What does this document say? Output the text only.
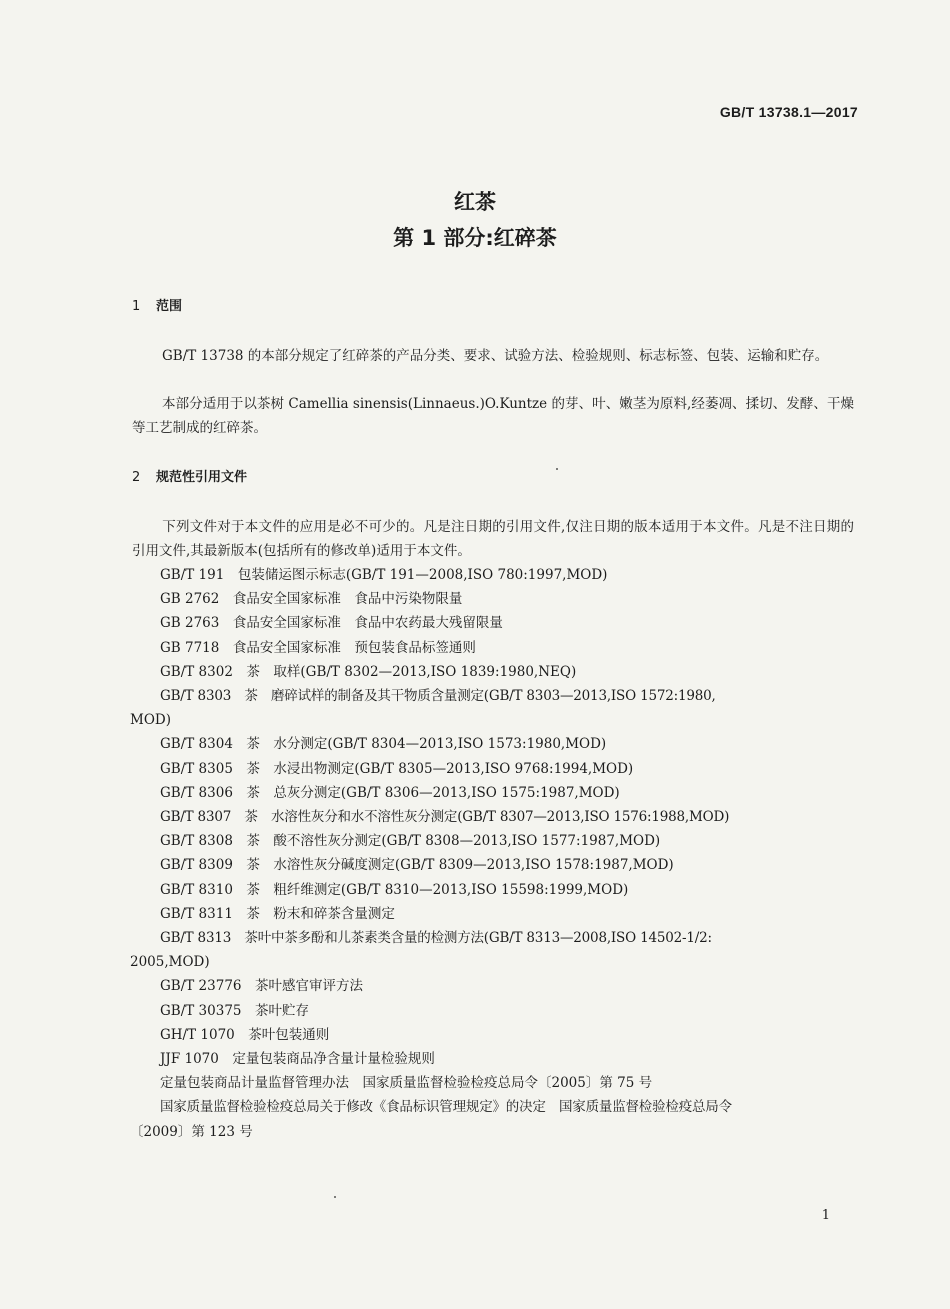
GB/T 13738.1—2017
红茶
第 1 部分:红碎茶
1 范围
GB/T 13738 的本部分规定了红碎茶的产品分类、要求、试验方法、检验规则、标志标签、包装、运输和贮存。
本部分适用于以茶树 Camellia sinensis(Linnaeus.)O.Kuntze 的芽、叶、嫩茎为原料,经萎凋、揉切、发酵、干燥等工艺制成的红碎茶。
2 规范性引用文件
下列文件对于本文件的应用是必不可少的。凡是注日期的引用文件,仅注日期的版本适用于本文件。凡是不注日期的引用文件,其最新版本(包括所有的修改单)适用于本文件。
GB/T 191　包装储运图示标志(GB/T 191—2008,ISO 780:1997,MOD)
GB 2762　食品安全国家标准　食品中污染物限量
GB 2763　食品安全国家标准　食品中农药最大残留限量
GB 7718　食品安全国家标准　预包装食品标签通则
GB/T 8302　茶　取样(GB/T 8302—2013,ISO 1839:1980,NEQ)
GB/T 8303　茶　磨碎试样的制备及其干物质含量测定(GB/T 8303—2013,ISO 1572:1980,
MOD)
GB/T 8304　茶　水分测定(GB/T 8304—2013,ISO 1573:1980,MOD)
GB/T 8305　茶　水浸出物测定(GB/T 8305—2013,ISO 9768:1994,MOD)
GB/T 8306　茶　总灰分测定(GB/T 8306—2013,ISO 1575:1987,MOD)
GB/T 8307　茶　水溶性灰分和水不溶性灰分测定(GB/T 8307—2013,ISO 1576:1988,MOD)
GB/T 8308　茶　酸不溶性灰分测定(GB/T 8308—2013,ISO 1577:1987,MOD)
GB/T 8309　茶　水溶性灰分碱度测定(GB/T 8309—2013,ISO 1578:1987,MOD)
GB/T 8310　茶　粗纤维测定(GB/T 8310—2013,ISO 15598:1999,MOD)
GB/T 8311　茶　粉末和碎茶含量测定
GB/T 8313　茶叶中茶多酚和儿茶素类含量的检测方法(GB/T 8313—2008,ISO 14502-1/2:
2005,MOD)
GB/T 23776　茶叶感官审评方法
GB/T 30375　茶叶贮存
GH/T 1070　茶叶包装通则
JJF 1070　定量包装商品净含量计量检验规则
定量包装商品计量监督管理办法　国家质量监督检验检疫总局令〔2005〕第 75 号
国家质量监督检验检疫总局关于修改《食品标识管理规定》的决定　国家质量监督检验检疫总局令
〔2009〕第 123 号
1
